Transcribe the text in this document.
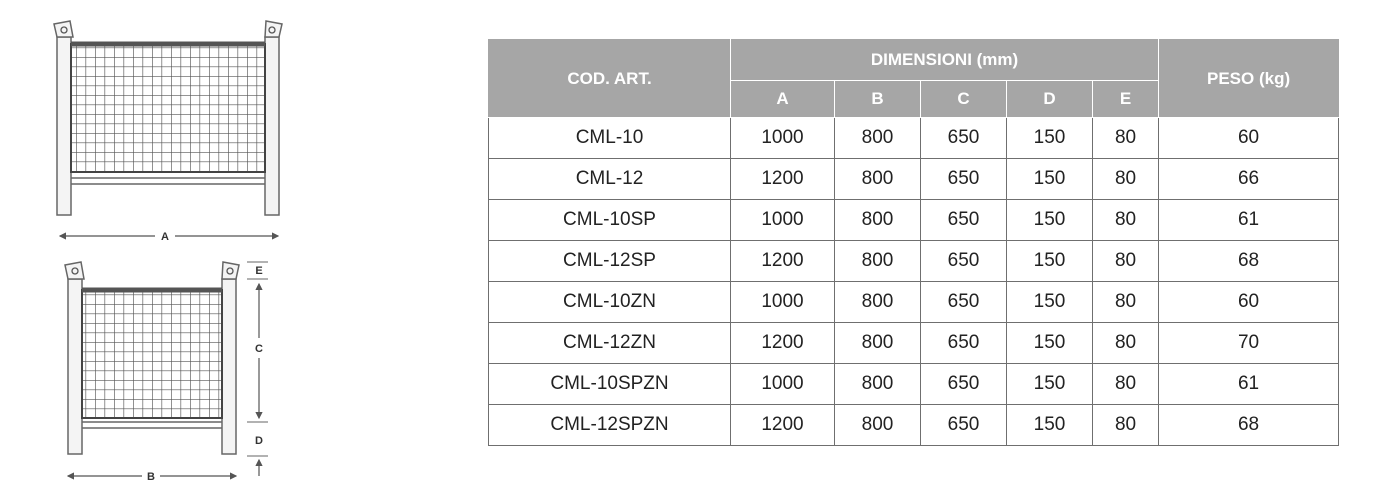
A
B
E
C
D
COD. ART.	DIMENSIONI (mm)					PESO (kg)
	A	B	C	D	E	
CML-10	1000	800	650	150	80	60
CML-12	1200	800	650	150	80	66
CML-10SP	1000	800	650	150	80	61
CML-12SP	1200	800	650	150	80	68
CML-10ZN	1000	800	650	150	80	60
CML-12ZN	1200	800	650	150	80	70
CML-10SPZN	1000	800	650	150	80	61
CML-12SPZN	1200	800	650	150	80	68
